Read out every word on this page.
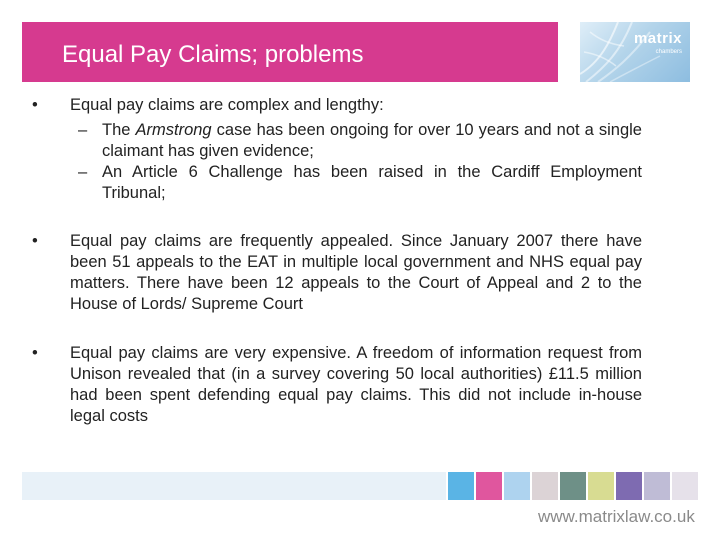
Equal Pay Claims; problems
matrix
chambers
• Equal pay claims are complex and lengthy:

– The Armstrong case has been ongoing for over 10 years and not a single claimant has given evidence;
– An Article 6 Challenge has been raised in the Cardiff Employment Tribunal;
• Equal pay claims are frequently appealed. Since January 2007 there have been 51 appeals to the EAT in multiple local government and NHS equal pay matters. There have been 12 appeals to the Court of Appeal and 2 to the House of Lords/ Supreme Court

• Equal pay claims are very expensive. A freedom of information request from Unison revealed that (in a survey covering 50 local authorities) £11.5 million had been spent defending equal pay claims. This did not include in-house legal costs

www.matrixlaw.co.uk
